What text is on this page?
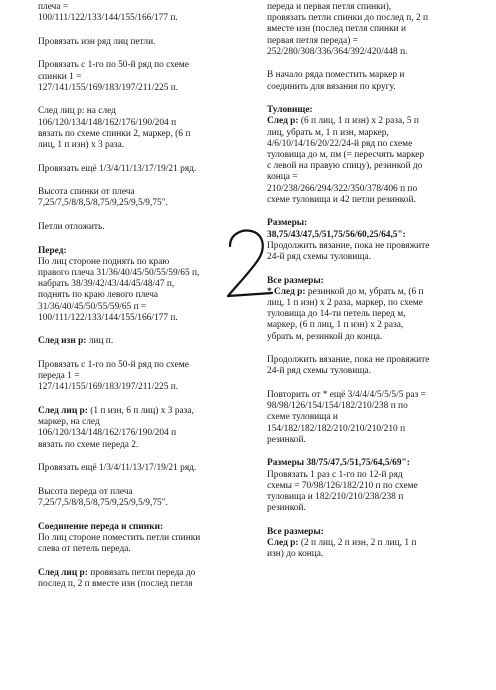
плеча =
100/111/122/133/144/155/166/177 п.
Провязать изн ряд лиц петли.
Провязать с 1-го по 50-й ряд по схеме
спинки 1 =
127/141/155/169/183/197/211/225 п.
След лиц р: на след
106/120/134/148/162/176/190/204 п
вязать по схеме спинки 2, маркер, (6 п
лиц, 1 п изн) x 3 раза.
Провязать ещё 1/3/4/11/13/17/19/21 ряд.
Высота спинки от плеча
7,25/7,5/8/8,5/8,75/9,25/9,5/9,75".
Петли отложить.
Перед:
По лиц стороне поднять по краю
правого плеча 31/36/40/45/50/55/59/65 п,
набрать 38/39/42/43/44/45/48/47 п,
поднять по краю левого плеча
31/36/40/45/50/55/59/65 п =
100/111/122/133/144/155/166/177 п.
След изн р: лиц п.
Провязать с 1-го по 50-й ряд по схеме
переда 1 =
127/141/155/169/183/197/211/225 п.
След лиц р: (1 п изн, 6 п лиц) x 3 раза,
маркер, на след
106/120/134/148/162/176/190/204 п
вязать по схеме переда 2.
Провязать ещё 1/3/4/11/13/17/19/21 ряд.
Высота переда от плеча
7,25/7,5/8/8,5/8,75/9,25/9,5/9,75".
Соединение переда и спинки:
По лиц стороне поместить петли спинки
слева от петель переда.
След лиц р: провязать петли переда до
послед п, 2 п вместе изн (послед петля
переда и первая петля спинки),
провязать петли спинки до послед п, 2 п
вместе изн (послед петля спинки и
первая петля переда) =
252/280/308/336/364/392/420/448 п.
В начало ряда поместить маркер и
соединить для вязания по кругу.
Туловище:
След р: (6 п лиц, 1 п изн) x 2 раза, 5 п
лиц, убрать м, 1 п изн, маркер,
4/6/10/14/16/20/22/24-й ряд по схеме
туловища до м, пм (= пересчять маркер
с левой на правую спицу), резинкой до
конца =
210/238/266/294/322/350/378/406 п по
схеме туловища и 42 петли резинкой.
Размеры:
38,75/43/47,5/51,75/56/60,25/64,5":
Продолжить вязание, пока не провяжите
24-й ряд схемы туловища.
Все размеры:
* След р: резинкой до м, убрать м, (6 п
лиц, 1 п изн) x 2 раза, маркер, по схеме
туловища до 14-ти петель перед м,
маркер, (6 п лиц, 1 п изн) x 2 раза,
убрать м, резинкой до конца.
Продолжить вязание, пока не провяжите
24-й ряд схемы туловища.
Повторить от * ещё 3/4/4/4/5/5/5/5 раз =
98/98/126/154/154/182/210/238 п по
схеме туловища и
154/182/182/182/210/210/210/210 п
резинкой.
Размеры 38/75/47,5/51,75/64,5/69":
Провязать 1 раз с 1-го по 12-й ряд
схемы = 70/98/126/182/210 п по схеме
туловища и 182/210/210/238/238 п
резинкой.
Все размеры:
След р: (2 п лиц, 2 п изн, 2 п лиц, 1 п
изн) до конца.
